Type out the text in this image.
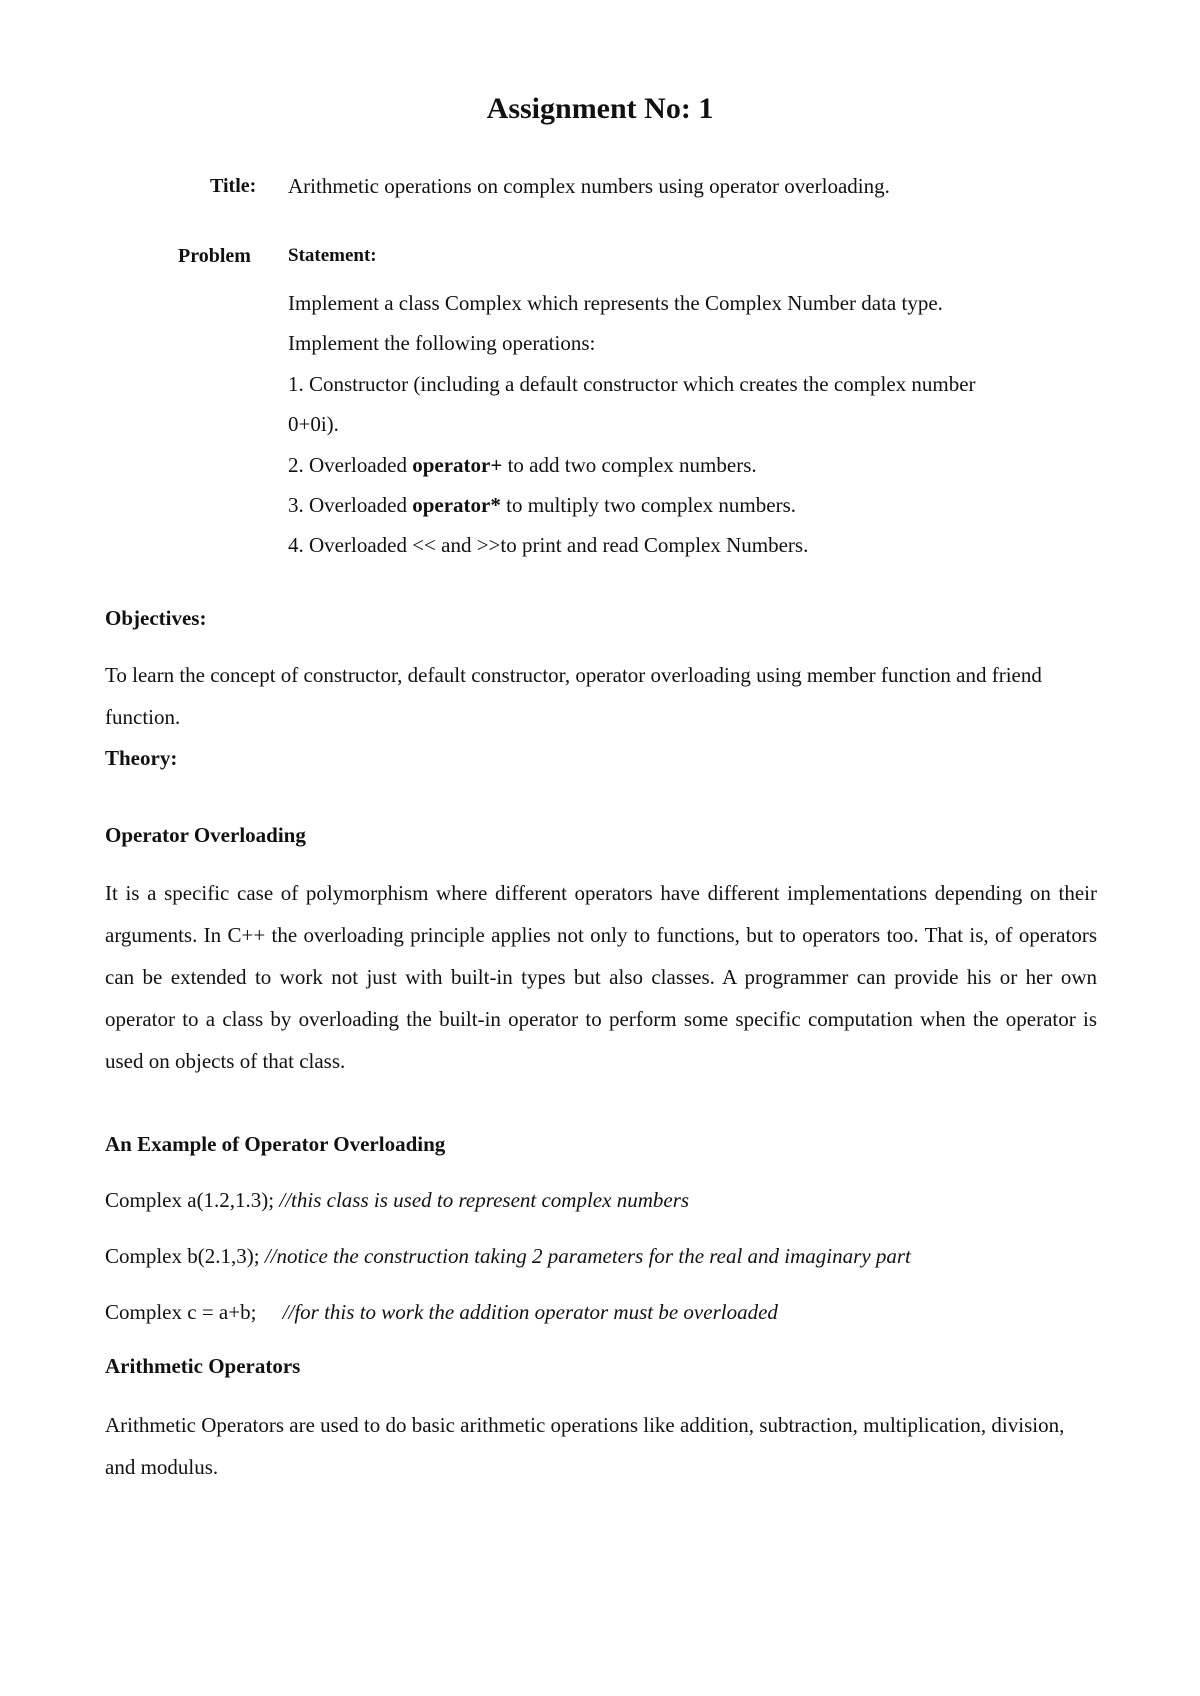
Assignment No: 1
Title: Arithmetic operations on complex numbers using operator overloading.
Problem Statement:
Implement a class Complex which represents the Complex Number data type.
Implement the following operations:
1. Constructor (including a default constructor which creates the complex number
0+0i).
2. Overloaded operator+ to add two complex numbers.
3. Overloaded operator* to multiply two complex numbers.
4. Overloaded << and >>to print and read Complex Numbers.
Objectives:
To learn the concept of constructor, default constructor, operator overloading using member function and friend function.
Theory:
Operator Overloading
It is a specific case of polymorphism where different operators have different implementations depending on their arguments. In C++ the overloading principle applies not only to functions, but to operators too. That is, of operators can be extended to work not just with built-in types but also classes. A programmer can provide his or her own operator to a class by overloading the built-in operator to perform some specific computation when the operator is used on objects of that class.
An Example of Operator Overloading
Complex a(1.2,1.3); //this class is used to represent complex numbers
Complex b(2.1,3); //notice the construction taking 2 parameters for the real and imaginary part
Complex c = a+b;     //for this to work the addition operator must be overloaded
Arithmetic Operators
Arithmetic Operators are used to do basic arithmetic operations like addition, subtraction, multiplication, division, and modulus.
